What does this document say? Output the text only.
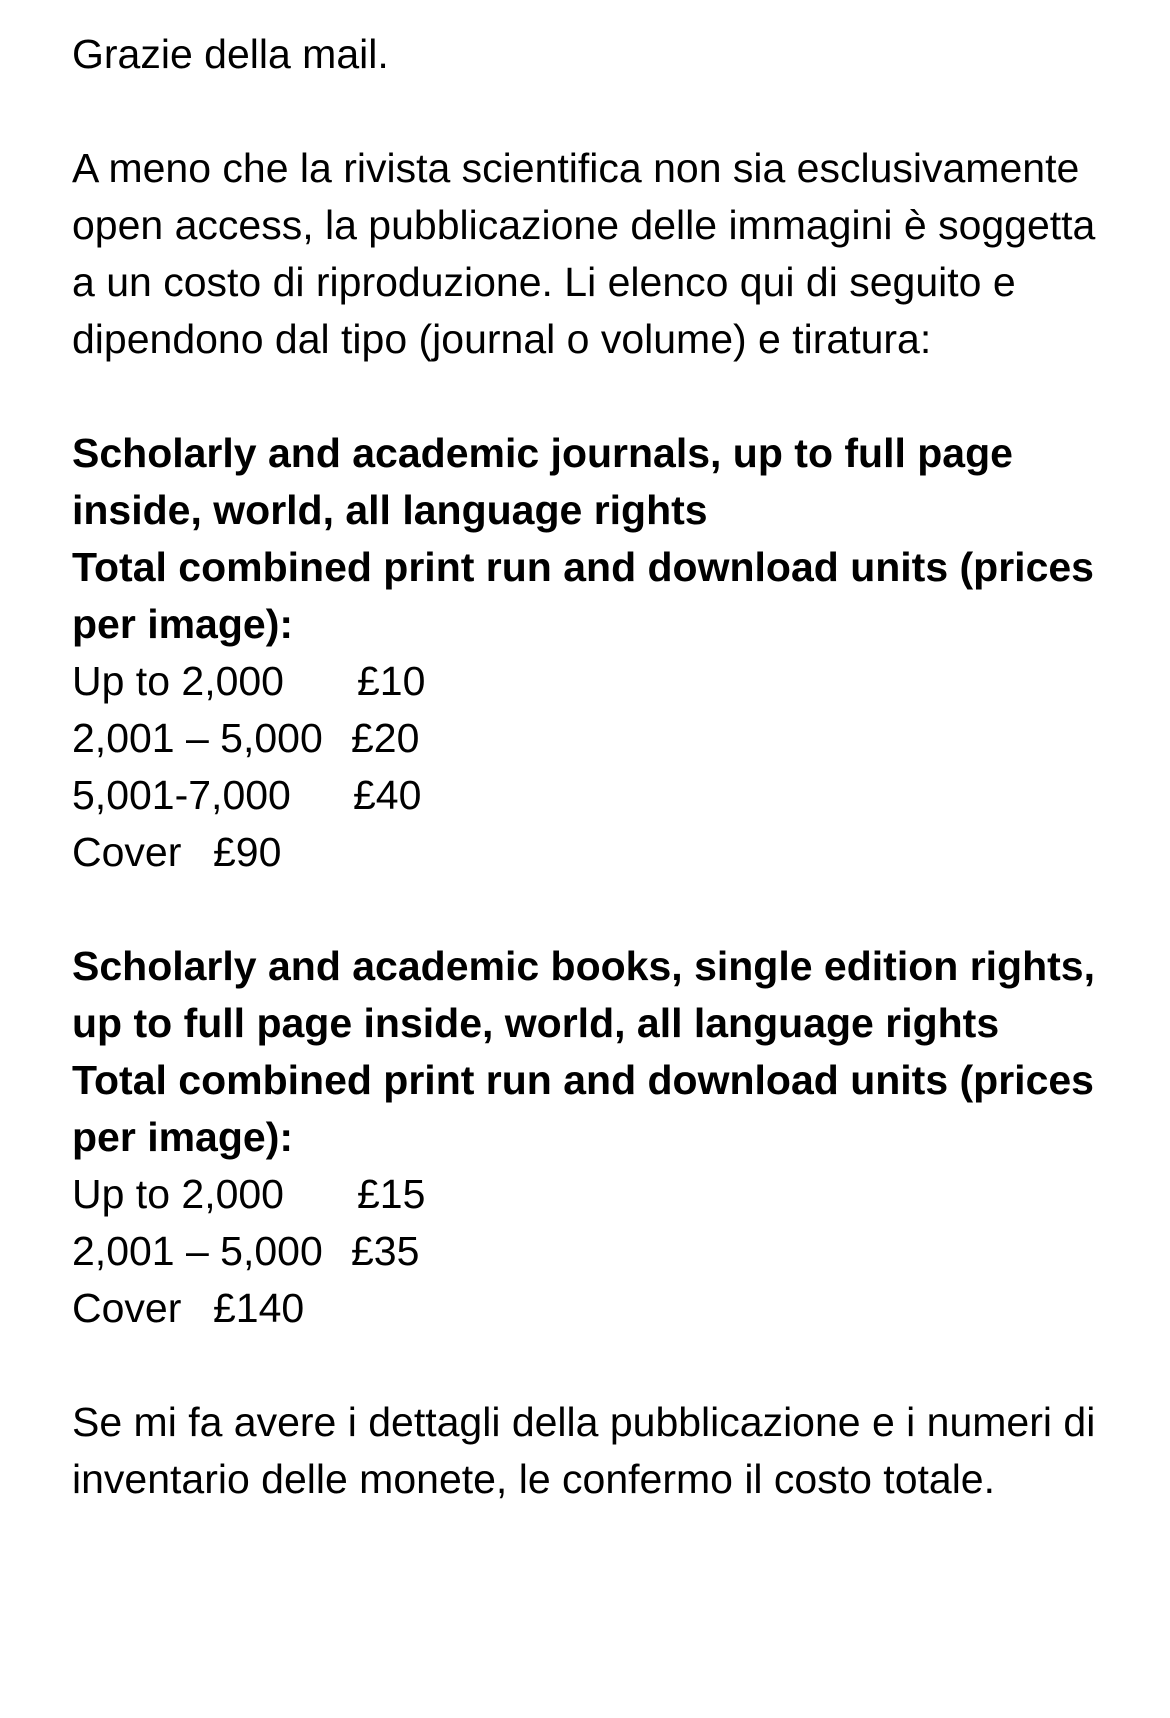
Grazie della mail.
A meno che la rivista scientifica non sia esclusivamente open access, la pubblicazione delle immagini è soggetta a un costo di riproduzione. Li elenco qui di seguito e dipendono dal tipo (journal o volume) e tiratura:
Scholarly and academic journals, up to full page inside, world, all language rights
Total combined print run and download units (prices per image):
Up to 2,000 £10
2,001 – 5,000 £20
5,001-7,000 £40
Cover £90
Scholarly and academic books, single edition rights, up to full page inside, world, all language rights
Total combined print run and download units (prices per image):
Up to 2,000 £15
2,001 – 5,000 £35
Cover £140
Se mi fa avere i dettagli della pubblicazione e i numeri di inventario delle monete, le confermo il costo totale.
